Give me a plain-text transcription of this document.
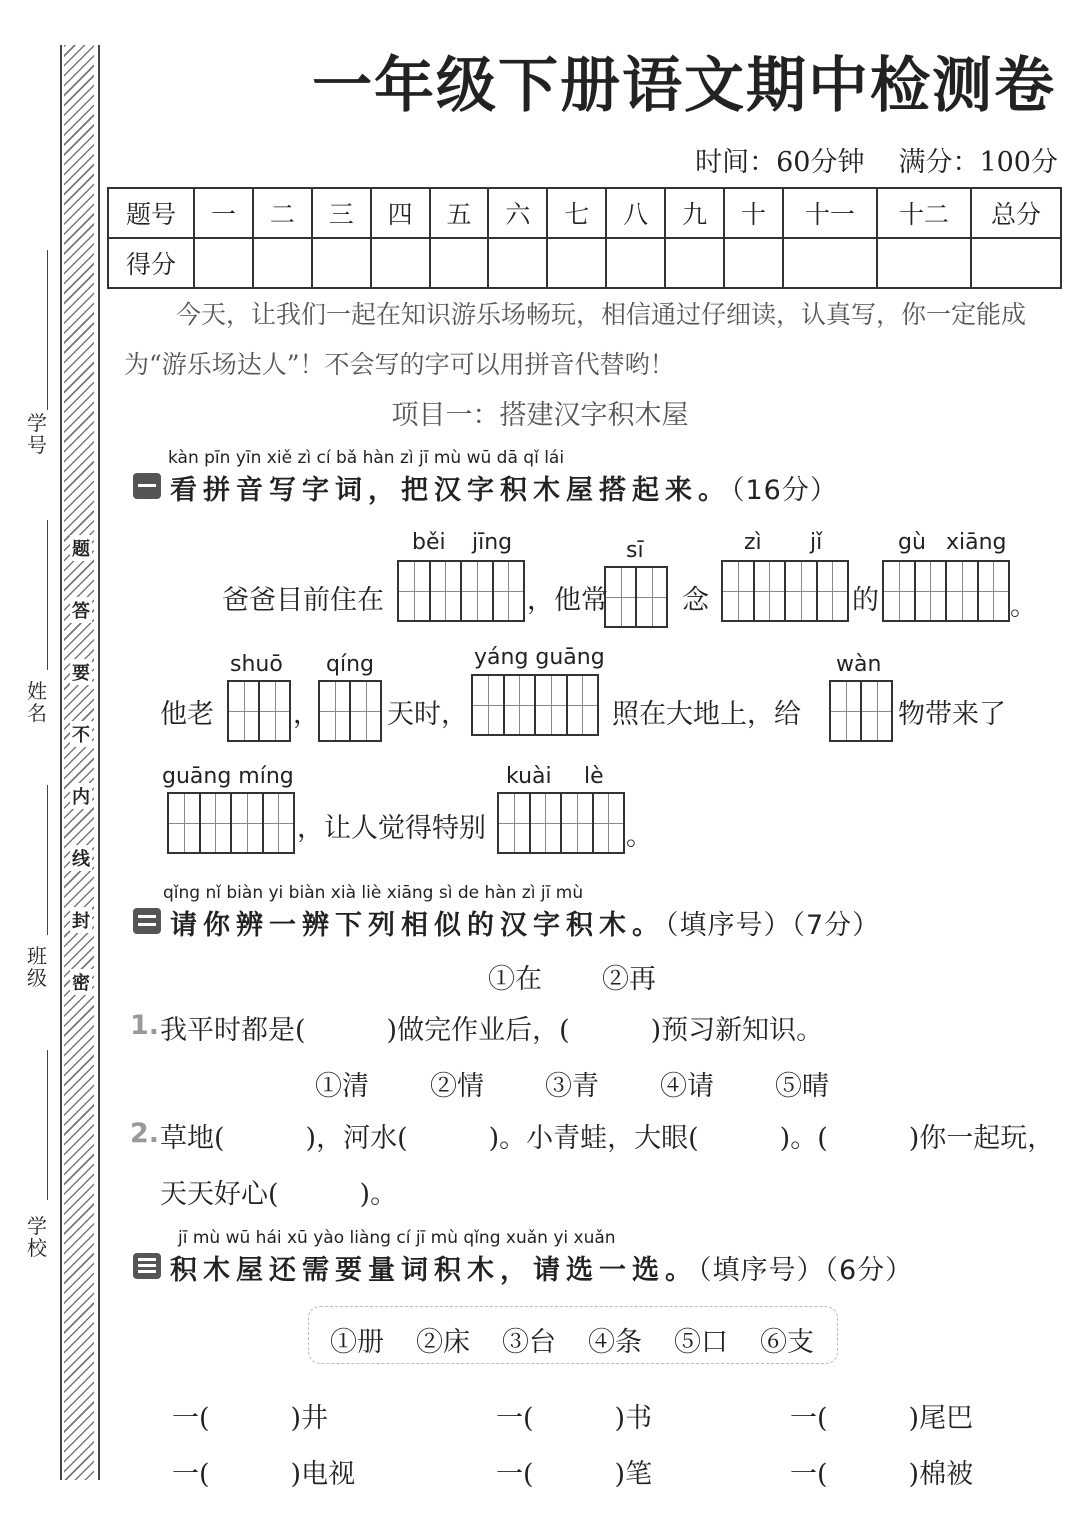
学号
姓名
班级
学校
题
答
要
不
内
线
封
密
一年级下册语文期中检测卷
时间：60分钟 满分：100分
题号	一	二	三	四	五	六	七	八	九	十	十一	十二	总分
得分													
今天，让我们一起在知识游乐场畅玩，相信通过仔细读，认真写，你一定能成
为“游乐场达人”！不会写的字可以用拼音代替哟！
项目一：搭建汉字积木屋
kàn pīn yīn xiě zì cí bǎ hàn zì jī mù wū dā qǐ lái
看拼音写字词，把汉字积木屋搭起来。（16分）
爸爸目前住在
běi jīng
，他常
sī
念
zì jǐ
的
gù xiāng
。
他老
shuō
，
qíng
天时，
yáng guāng
照在大地上，给
wàn
物带来了
guāng míng
，让人觉得特别
kuài lè
。
qǐng nǐ biàn yi biàn xià liè xiāng sì de hàn zì jī mù
请你辨一辨下列相似的汉字积木。（填序号）（7分）
①在 ②再
1. 我平时都是(　　　)做完作业后，(　　　)预习新知识。
①清 ②情 ③青 ④请 ⑤晴
2. 草地(　　　)，河水(　　　)。小青蛙，大眼(　　　)。(　　　)你一起玩，
天天好心(　　　)。
jī mù wū hái xū yào liàng cí jī mù qǐng xuǎn yi xuǎn
积木屋还需要量词积木，请选一选。（填序号）（6分）
①册 ②床 ③台 ④条 ⑤口 ⑥支
一(　　　)井	一(　　　)书	一(　　　)尾巴
一(　　　)电视	一(　　　)笔	一(　　　)棉被
